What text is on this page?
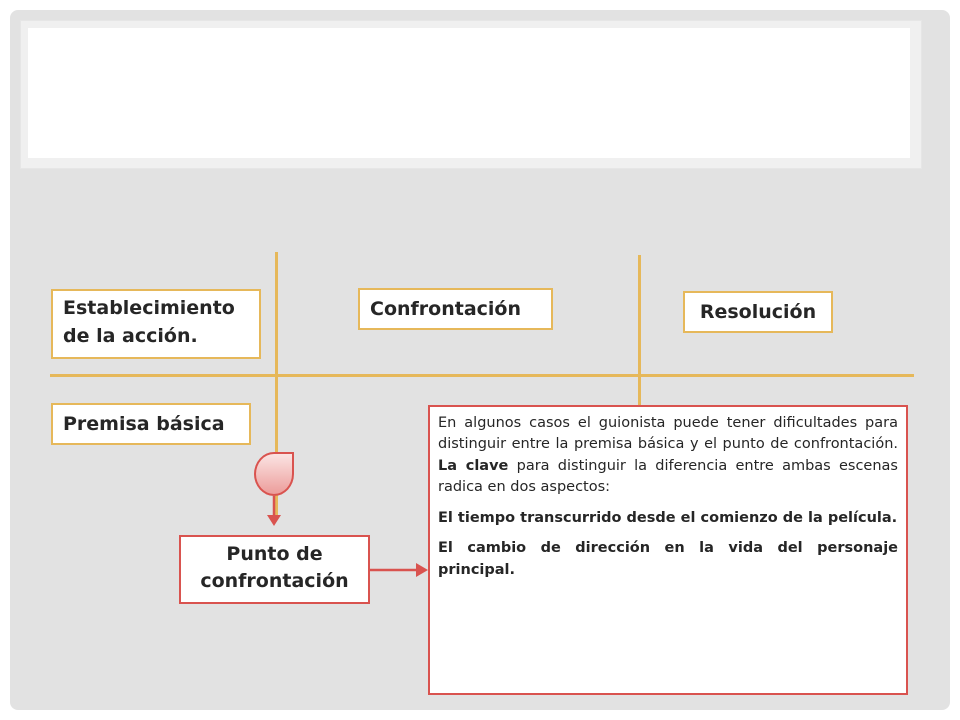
Establecimiento de la acción.
Confrontación	Resolución
Premisa básica
Punto de confrontación

En algunos casos el guionista puede tener dificultades para distinguir entre la premisa básica y el punto de confrontación. La clave para distinguir la diferencia entre ambas escenas radica en dos aspectos:

El tiempo transcurrido desde el comienzo de la película.

El cambio de dirección en la vida del personaje principal.
